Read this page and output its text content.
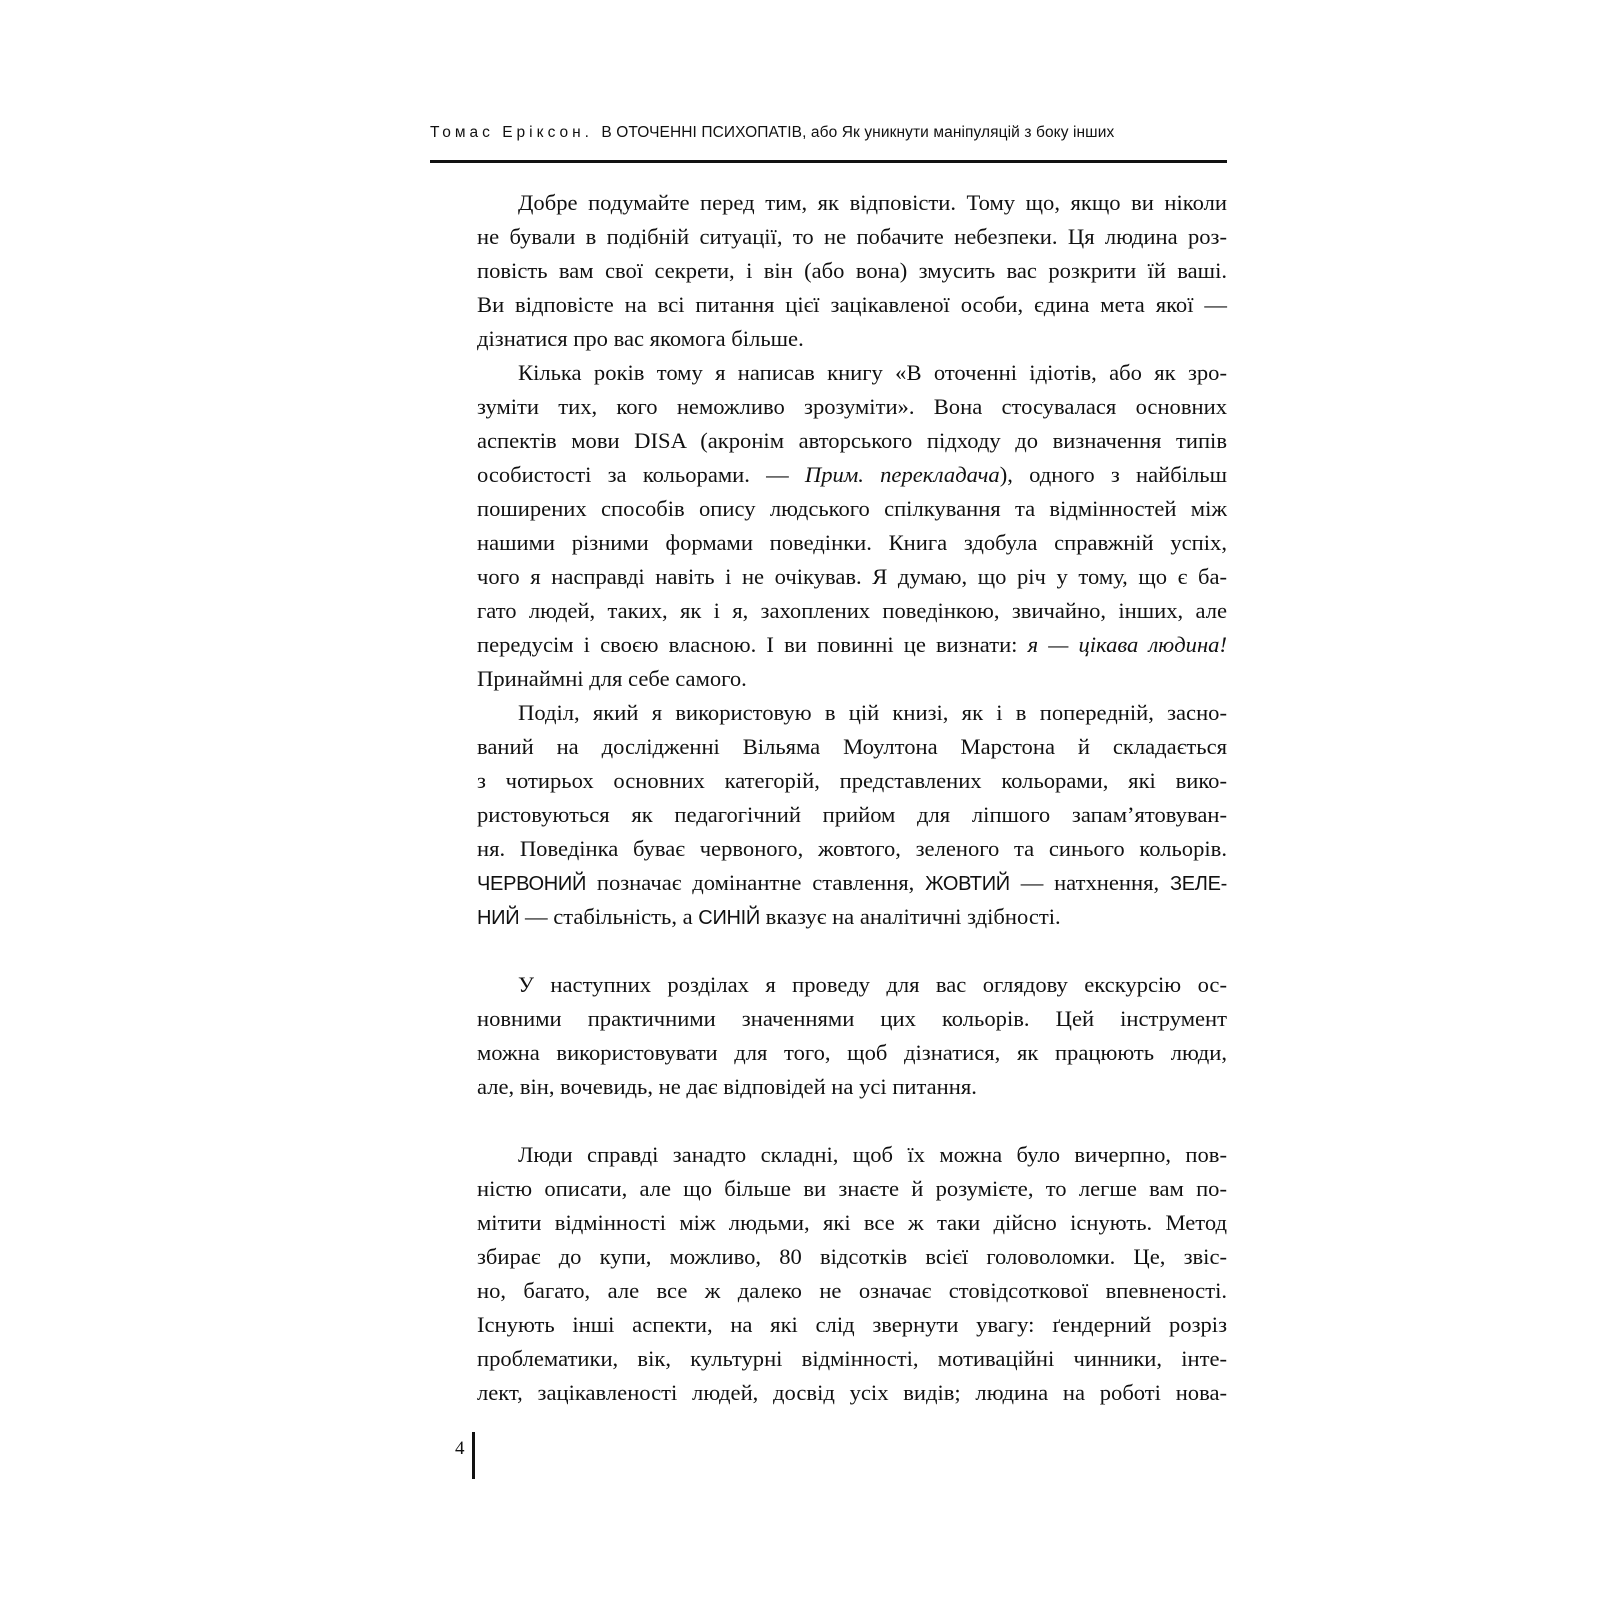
Томас Еріксон. В ОТОЧЕННІ ПСИХОПАТІВ, або Як уникнути маніпуляцій з боку інших
Добре подумайте перед тим, як відповісти. Тому що, якщо ви ніколи
не бували в подібній ситуації, то не побачите небезпеки. Ця людина роз-
повість вам свої секрети, і він (або вона) змусить вас розкрити їй ваші.
Ви відповісте на всі питання цієї зацікавленої особи, єдина мета якої —
дізнатися про вас якомога більше.
Кілька років тому я написав книгу «В оточенні ідіотів, або як зро-
зуміти тих, кого неможливо зрозуміти». Вона стосувалася основних
аспектів мови DISA (акронім авторського підходу до визначення типів
особистості за кольорами. — Прим. перекладача), одного з найбільш
поширених способів опису людського спілкування та відмінностей між
нашими різними формами поведінки. Книга здобула справжній успіх,
чого я насправді навіть і не очікував. Я думаю, що річ у тому, що є ба-
гато людей, таких, як і я, захоплених поведінкою, звичайно, інших, але
передусім і своєю власною. І ви повинні це визнати: я — цікава людина!
Принаймні для себе самого.
Поділ, який я використовую в цій книзі, як і в попередній, засно-
ваний на дослідженні Вільяма Моултона Марстона й складається
з чотирьох основних категорій, представлених кольорами, які вико-
ристовуються як педагогічний прийом для ліпшого запам’ятовуван-
ня. Поведінка буває червоного, жовтого, зеленого та синього кольорів.
ЧЕРВОНИЙ позначає домінантне ставлення, ЖОВТИЙ — натхнення, ЗЕЛЕ-
НИЙ — стабільність, а СИНІЙ вказує на аналітичні здібності.
У наступних розділах я проведу для вас оглядову екскурсію ос-
новними практичними значеннями цих кольорів. Цей інструмент
можна використовувати для того, щоб дізнатися, як працюють люди,
але, він, вочевидь, не дає відповідей на усі питання.
Люди справді занадто складні, щоб їх можна було вичерпно, пов-
ністю описати, але що більше ви знаєте й розумієте, то легше вам по-
мітити відмінності між людьми, які все ж таки дійсно існують. Метод
збирає до купи, можливо, 80 відсотків всієї головоломки. Це, звіс-
но, багато, але все ж далеко не означає стовідсоткової впевненості.
Існують інші аспекти, на які слід звернути увагу: ґендерний розріз
проблематики, вік, культурні відмінності, мотиваційні чинники, інте-
лект, зацікавленості людей, досвід усіх видів; людина на роботі нова-
4
